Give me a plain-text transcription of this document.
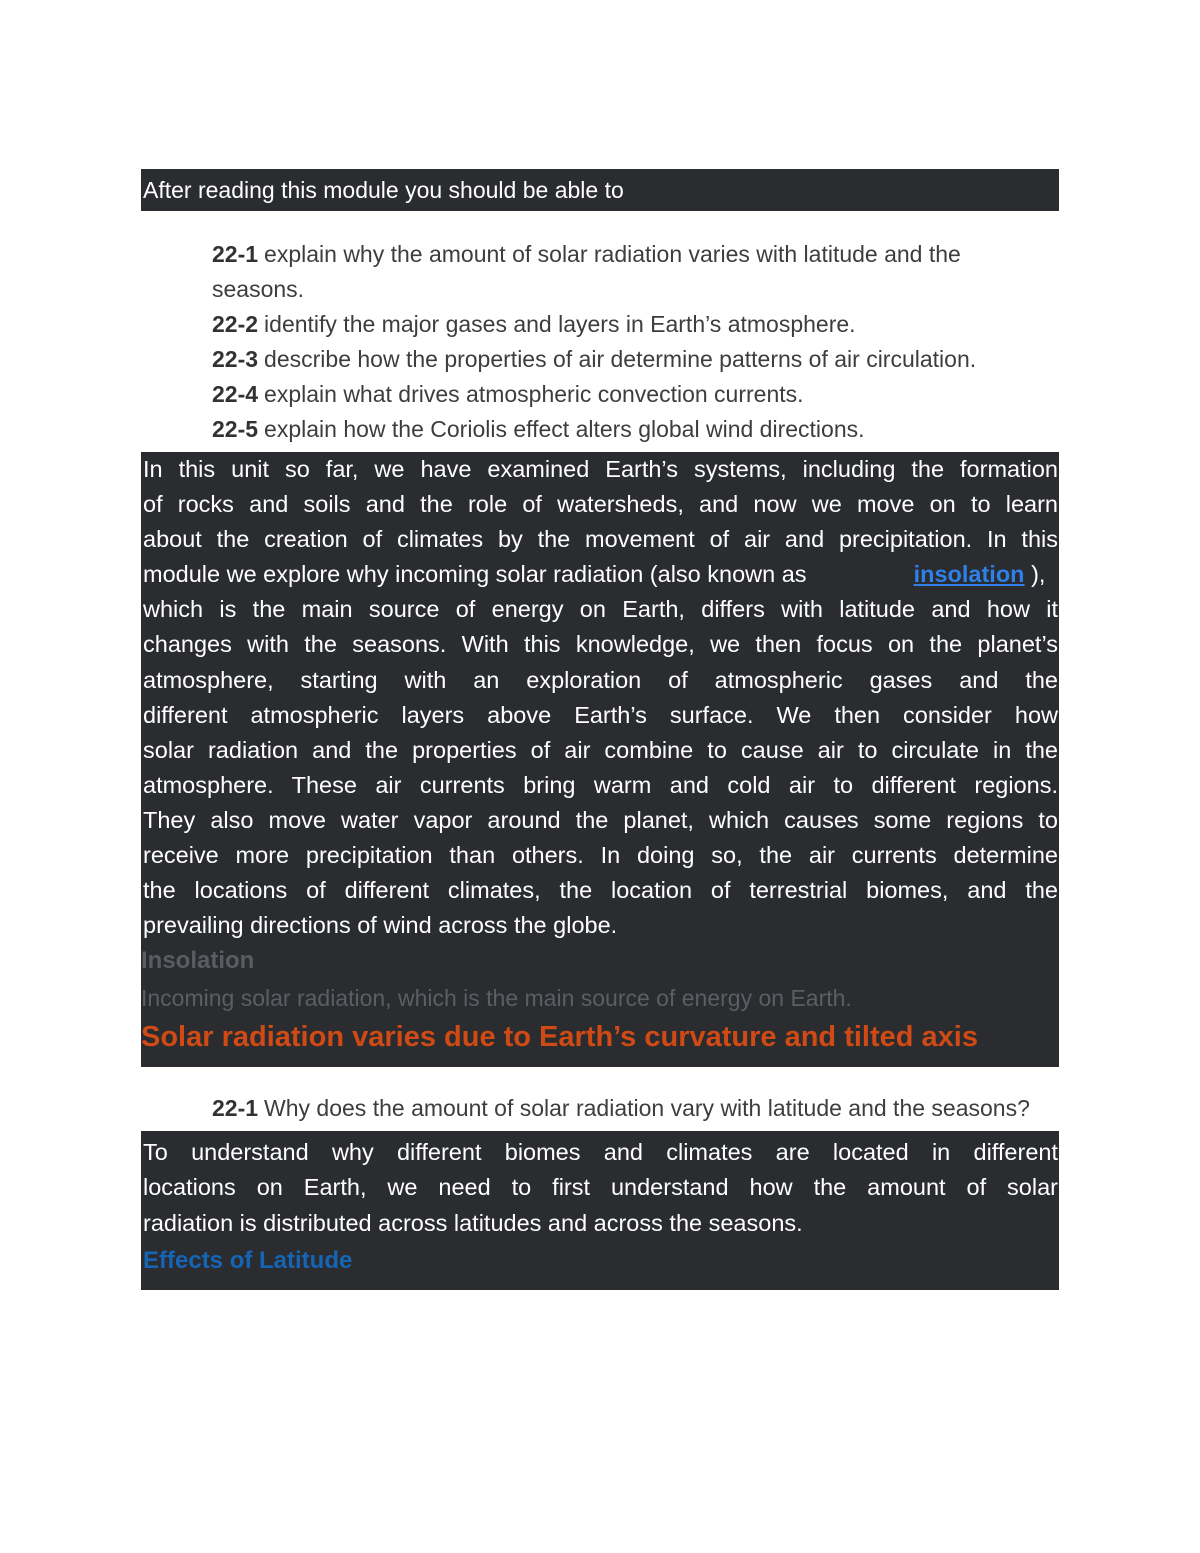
After reading this module you should be able to

22-1 explain why the amount of solar radiation varies with latitude and the seasons.

22-2 identify the major gases and layers in Earth’s atmosphere.

22-3 describe how the properties of air determine patterns of air circulation.

22-4 explain what drives atmospheric convection currents.

22-5 explain how the Coriolis effect alters global wind directions.

In this unit so far, we have examined Earth’s systems, including the formation
of rocks and soils and the role of watersheds, and now we move on to learn
about the creation of climates by the movement of air and precipitation. In this
module we explore why incoming solar radiation (also known as	insolation ),
which is the main source of energy on Earth, differs with latitude and how it
changes with the seasons. With this knowledge, we then focus on the planet’s
atmosphere, starting with an exploration of atmospheric gases and the
different atmospheric layers above Earth’s surface. We then consider how
solar radiation and the properties of air combine to cause air to circulate in the
atmosphere. These air currents bring warm and cold air to different regions.
They also move water vapor around the planet, which causes some regions to
receive more precipitation than others. In doing so, the air currents determine
the locations of different climates, the location of terrestrial biomes, and the
prevailing directions of wind across the globe.
Insolation
Incoming solar radiation, which is the main source of energy on Earth.
Solar radiation varies due to Earth’s curvature and tilted axis
22-1 Why does the amount of solar radiation vary with latitude and the seasons?
To understand why different biomes and climates are located in different
locations on Earth, we need to first understand how the amount of solar
radiation is distributed across latitudes and across the seasons.
Effects of Latitude
